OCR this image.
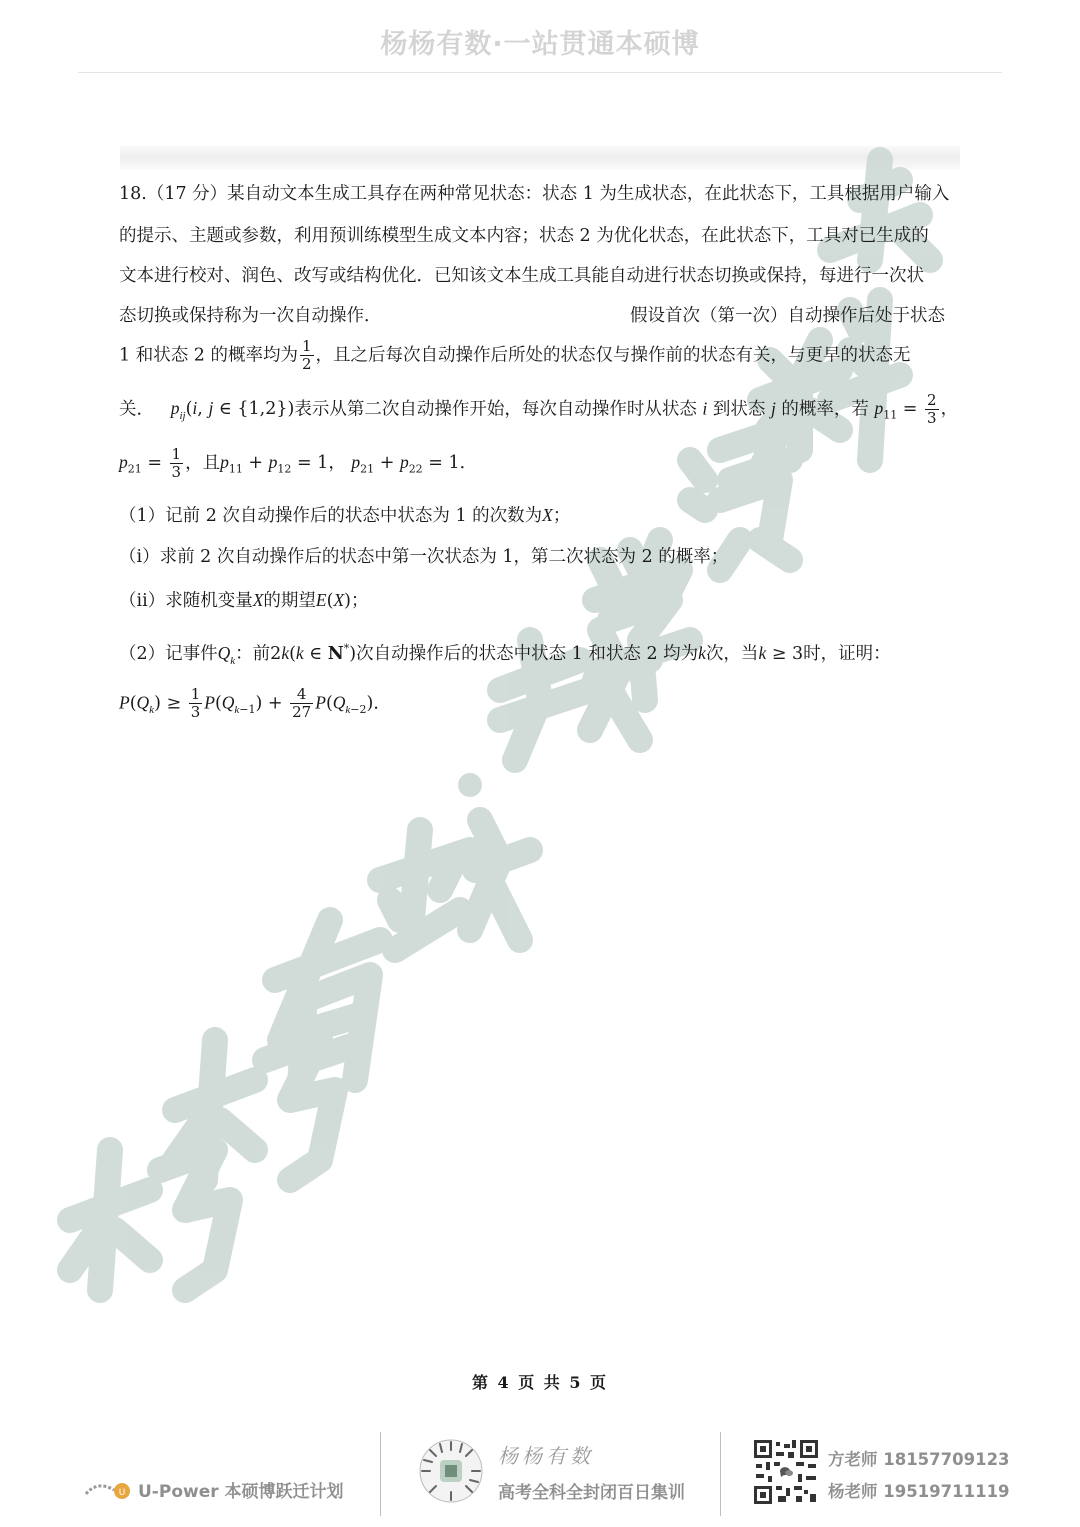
杨杨有数·一站贯通本硕博
18.（17 分）某自动文本生成工具存在两种常见状态：状态 1 为生成状态，在此状态下，工具根据用户输入
的提示、主题或参数，利用预训练模型生成文本内容；状态 2 为优化状态，在此状态下，工具对已生成的
文本进行校对、润色、改写或结构优化．已知该文本生成工具能自动进行状态切换或保持，每进行一次状
态切换或保持称为一次自动操作．	假设首次（第一次）自动操作后处于状态
1 和状态 2 的概率均为 $\frac{1}{2}$ ，且之后每次自动操作后所处的状态仅与操作前的状态有关，与更早的状态无
关． $p_{ij}(i$, j ∈ {1,2})表示从第二次自动操作开始，每次自动操作时从状态 i 到状态 j 的概率，若 $p_{11} = \frac{2}{3}$ ，
$p_{21} = \frac{1}{3}$ ，且$p_{11} + p_{12} = 1$， $p_{21} + p_{22} = 1$．
（1）记前 2 次自动操作后的状态中状态为 1 的次数为X；
（i）求前 2 次自动操作后的状态中第一次状态为 1，第二次状态为 2 的概率；
（ii）求随机变量X的期望E(X)；
（2）记事件$Q_k$：前2k(k ∈ N*)次自动操作后的状态中状态 1 和状态 2 均为k次，当k ≥ 3时，证明：
$P(Q_k) \ge \frac{1}{3} P(Q_{k-1}) + \frac{4}{27} P(Q_{k-2})$．
第 4 页 共 5 页
U U-Power 本硕博跃迁计划
杨杨有数
高考全科全封闭百日集训
方老师 18157709123
杨老师 19519711119
